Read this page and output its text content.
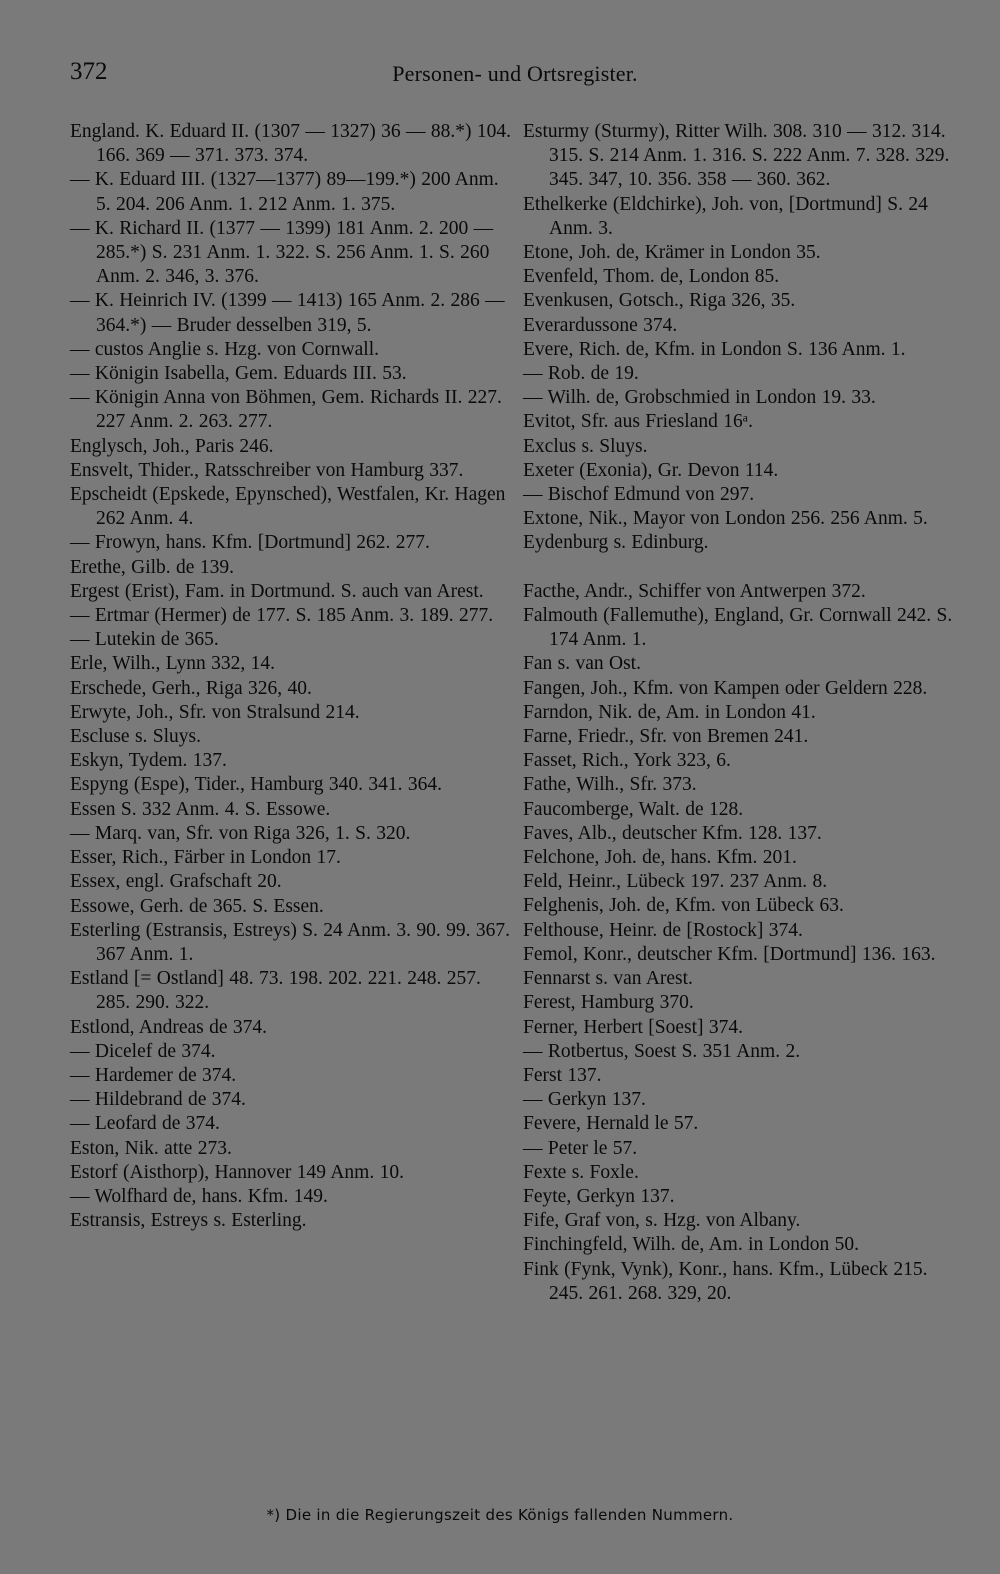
372	Personen- und Ortsregister.
England. K. Eduard II. (1307 — 1327) 36 — 88.*) 104. 166. 369 — 371. 373. 374.
— K. Eduard III. (1327—1377) 89—199.*) 200 Anm. 5. 204. 206 Anm. 1. 212 Anm. 1. 375.
— K. Richard II. (1377 — 1399) 181 Anm. 2. 200 — 285.*) S. 231 Anm. 1. 322. S. 256 Anm. 1. S. 260 Anm. 2. 346, 3. 376.
— K. Heinrich IV. (1399 — 1413) 165 Anm. 2. 286 — 364.*) — Bruder desselben 319, 5.
— custos Anglie s. Hzg. von Cornwall.
— Königin Isabella, Gem. Eduards III. 53.
— Königin Anna von Böhmen, Gem. Richards II. 227. 227 Anm. 2. 263. 277.
Englysch, Joh., Paris 246.
Ensvelt, Thider., Ratsschreiber von Hamburg 337.
Epscheidt (Epskede, Epynsched), Westfalen, Kr. Hagen 262 Anm. 4.
— Frowyn, hans. Kfm. [Dortmund] 262. 277.
Erethe, Gilb. de 139.
Ergest (Erist), Fam. in Dortmund. S. auch van Arest.
— Ertmar (Hermer) de 177. S. 185 Anm. 3. 189. 277.
— Lutekin de 365.
Erle, Wilh., Lynn 332, 14.
Erschede, Gerh., Riga 326, 40.
Erwyte, Joh., Sfr. von Stralsund 214.
Escluse s. Sluys.
Eskyn, Tydem. 137.
Espyng (Espe), Tider., Hamburg 340. 341. 364.
Essen S. 332 Anm. 4. S. Essowe.
— Marq. van, Sfr. von Riga 326, 1. S. 320.
Esser, Rich., Färber in London 17.
Essex, engl. Grafschaft 20.
Essowe, Gerh. de 365. S. Essen.
Esterling (Estransis, Estreys) S. 24 Anm. 3. 90. 99. 367. 367 Anm. 1.
Estland [= Ostland] 48. 73. 198. 202. 221. 248. 257. 285. 290. 322.
Estlond, Andreas de 374.
— Dicelef de 374.
— Hardemer de 374.
— Hildebrand de 374.
— Leofard de 374.
Eston, Nik. atte 273.
Estorf (Aisthorp), Hannover 149 Anm. 10.
— Wolfhard de, hans. Kfm. 149.
Estransis, Estreys s. Esterling.
Esturmy (Sturmy), Ritter Wilh. 308. 310 — 312. 314. 315. S. 214 Anm. 1. 316. S. 222 Anm. 7. 328. 329. 345. 347, 10. 356. 358 — 360. 362.
Ethelkerke (Eldchirke), Joh. von, [Dortmund] S. 24 Anm. 3.
Etone, Joh. de, Krämer in London 35.
Evenfeld, Thom. de, London 85.
Evenkusen, Gotsch., Riga 326, 35.
Everardussone 374.
Evere, Rich. de, Kfm. in London S. 136 Anm. 1.
— Rob. de 19.
— Wilh. de, Grobschmied in London 19. 33.
Evitot, Sfr. aus Friesland 16ᵃ.
Exclus s. Sluys.
Exeter (Exonia), Gr. Devon 114.
— Bischof Edmund von 297.
Extone, Nik., Mayor von London 256. 256 Anm. 5.
Eydenburg s. Edinburg.
Facthe, Andr., Schiffer von Antwerpen 372.
Falmouth (Fallemuthe), England, Gr. Cornwall 242. S. 174 Anm. 1.
Fan s. van Ost.
Fangen, Joh., Kfm. von Kampen oder Geldern 228.
Farndon, Nik. de, Am. in London 41.
Farne, Friedr., Sfr. von Bremen 241.
Fasset, Rich., York 323, 6.
Fathe, Wilh., Sfr. 373.
Faucomberge, Walt. de 128.
Faves, Alb., deutscher Kfm. 128. 137.
Felchone, Joh. de, hans. Kfm. 201.
Feld, Heinr., Lübeck 197. 237 Anm. 8.
Felghenis, Joh. de, Kfm. von Lübeck 63.
Felthouse, Heinr. de [Rostock] 374.
Femol, Konr., deutscher Kfm. [Dortmund] 136. 163.
Fennarst s. van Arest.
Ferest, Hamburg 370.
Ferner, Herbert [Soest] 374.
— Rotbertus, Soest S. 351 Anm. 2.
Ferst 137.
— Gerkyn 137.
Fevere, Hernald le 57.
— Peter le 57.
Fexte s. Foxle.
Feyte, Gerkyn 137.
Fife, Graf von, s. Hzg. von Albany.
Finchingfeld, Wilh. de, Am. in London 50.
Fink (Fynk, Vynk), Konr., hans. Kfm., Lübeck 215. 245. 261. 268. 329, 20.
*) Die in die Regierungszeit des Königs fallenden Nummern.
